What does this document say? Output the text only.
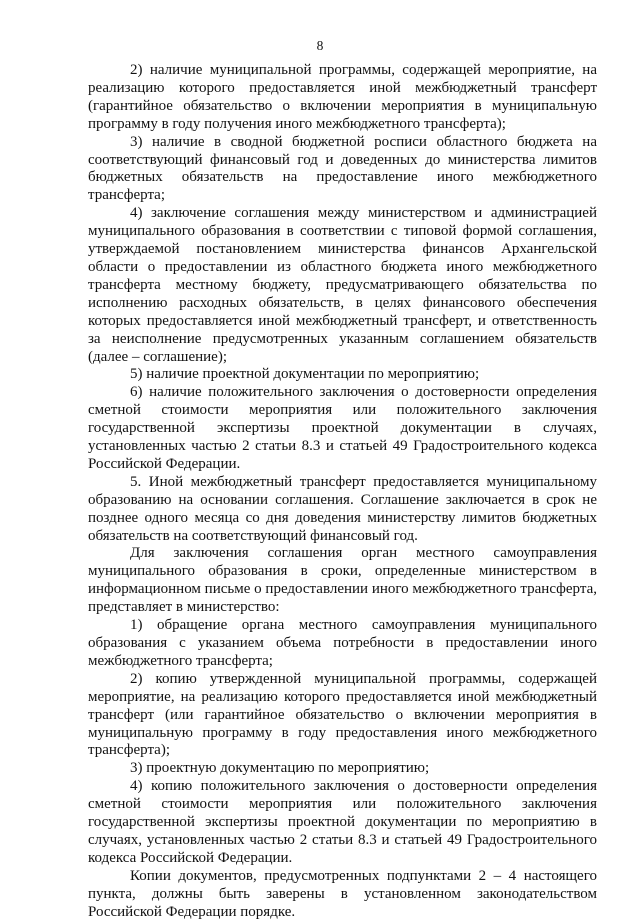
8

2) наличие муниципальной программы, содержащей мероприятие, на реализацию которого предоставляется иной межбюджетный трансферт (гарантийное обязательство о включении мероприятия в муниципальную программу в году получения иного межбюджетного трансферта);

3) наличие в сводной бюджетной росписи областного бюджета на соответствующий финансовый год и доведенных до министерства лимитов бюджетных обязательств на предоставление иного межбюджетного трансферта;

4) заключение соглашения между министерством и администрацией муниципального образования в соответствии с типовой формой соглашения, утверждаемой постановлением министерства финансов Архангельской области о предоставлении из областного бюджета иного межбюджетного трансферта местному бюджету, предусматривающего обязательства по исполнению расходных обязательств, в целях финансового обеспечения которых предоставляется иной межбюджетный трансферт, и ответственность за неисполнение предусмотренных указанным соглашением обязательств (далее – соглашение);

5) наличие проектной документации по мероприятию;

6) наличие положительного заключения о достоверности определения сметной стоимости мероприятия или положительного заключения государственной экспертизы проектной документации в случаях, установленных частью 2 статьи 8.3 и статьей 49 Градостроительного кодекса Российской Федерации.

5. Иной межбюджетный трансферт предоставляется муниципальному образованию на основании соглашения. Соглашение заключается в срок не позднее одного месяца со дня доведения министерству лимитов бюджетных обязательств на соответствующий финансовый год.

Для заключения соглашения орган местного самоуправления муниципального образования в сроки, определенные министерством в информационном письме о предоставлении иного межбюджетного трансферта, представляет в министерство:

1) обращение органа местного самоуправления муниципального образования с указанием объема потребности в предоставлении иного межбюджетного трансферта;

2) копию утвержденной муниципальной программы, содержащей мероприятие, на реализацию которого предоставляется иной межбюджетный трансферт (или гарантийное обязательство о включении мероприятия в муниципальную программу в году предоставления иного межбюджетного трансферта);

3) проектную документацию по мероприятию;

4) копию положительного заключения о достоверности определения сметной стоимости мероприятия или положительного заключения государственной экспертизы проектной документации по мероприятию в случаях, установленных частью 2 статьи 8.3 и статьей 49 Градостроительного кодекса Российской Федерации.

Копии документов, предусмотренных подпунктами 2 – 4 настоящего пункта, должны быть заверены в установленном законодательством Российской Федерации порядке.
